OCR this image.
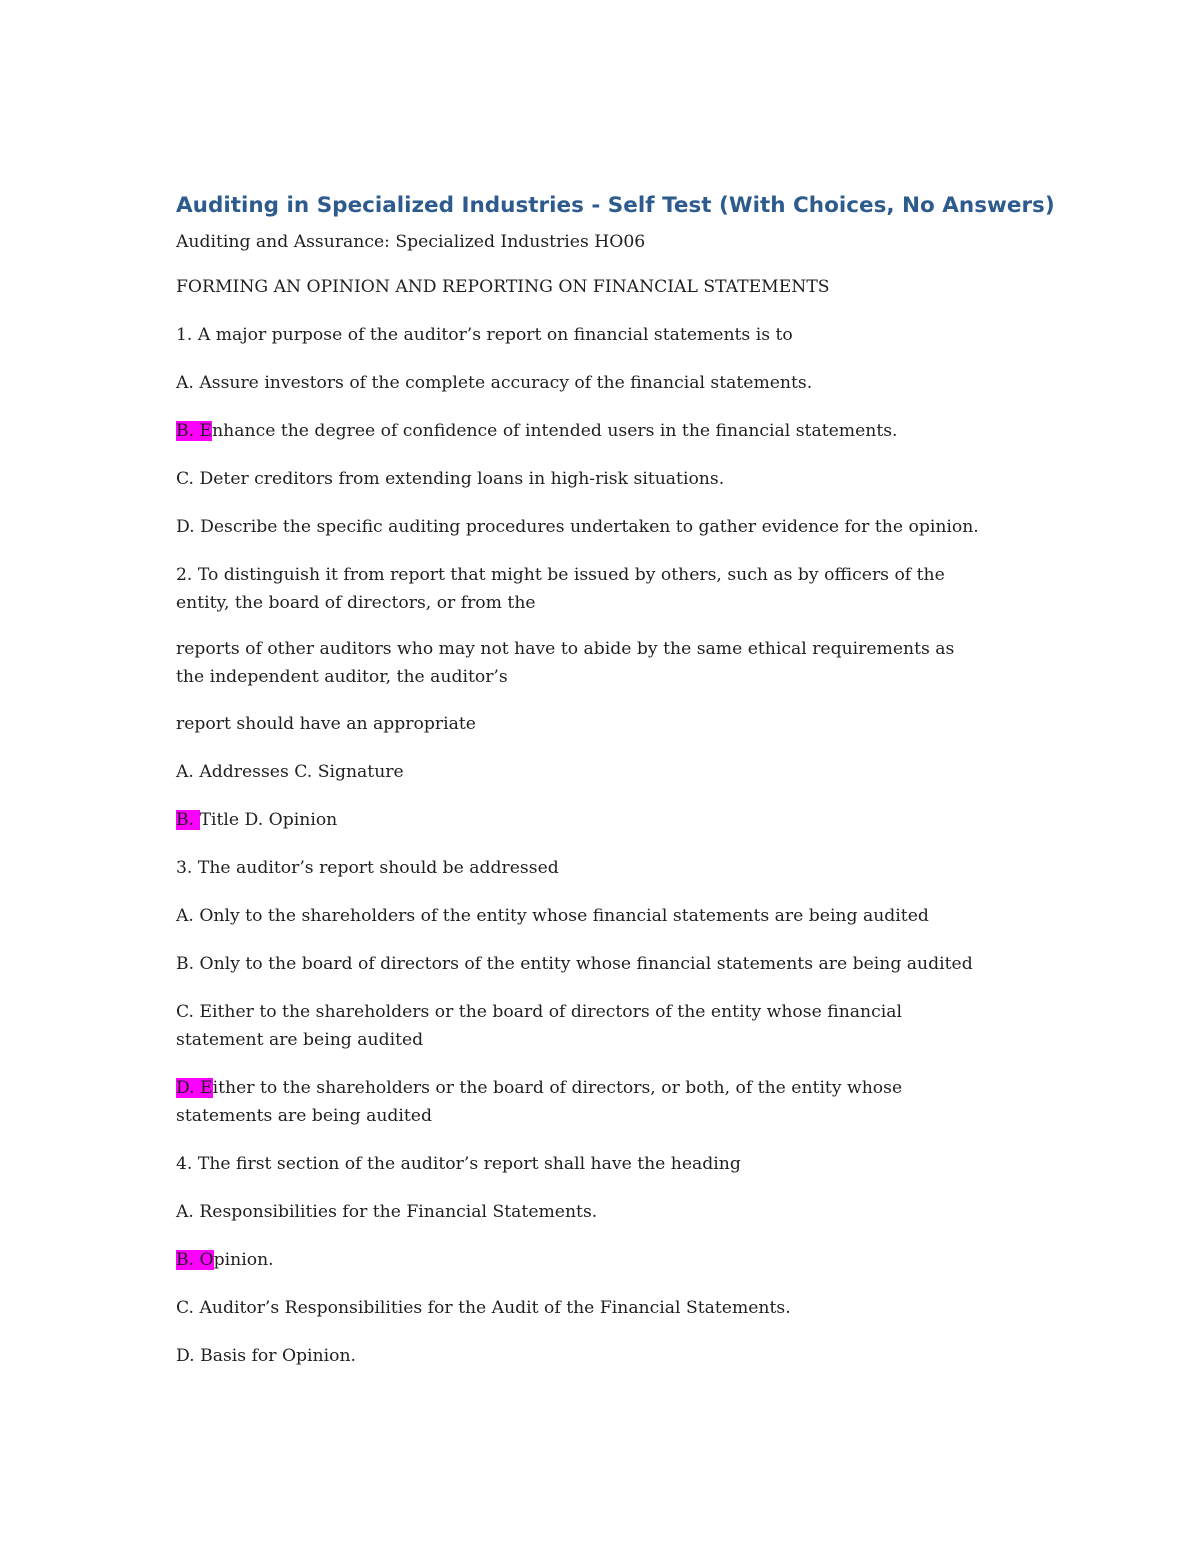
Auditing in Specialized Industries - Self Test (With Choices, No Answers)
Auditing and Assurance: Specialized Industries HO06
FORMING AN OPINION AND REPORTING ON FINANCIAL STATEMENTS
1. A major purpose of the auditor’s report on financial statements is to
A. Assure investors of the complete accuracy of the financial statements.
B. Enhance the degree of confidence of intended users in the financial statements.
C. Deter creditors from extending loans in high-risk situations.
D. Describe the specific auditing procedures undertaken to gather evidence for the opinion.
2. To distinguish it from report that might be issued by others, such as by officers of the
entity, the board of directors, or from the
reports of other auditors who may not have to abide by the same ethical requirements as
the independent auditor, the auditor’s
report should have an appropriate
A. Addresses C. Signature
B. Title D. Opinion
3. The auditor’s report should be addressed
A. Only to the shareholders of the entity whose financial statements are being audited
B. Only to the board of directors of the entity whose financial statements are being audited
C. Either to the shareholders or the board of directors of the entity whose financial
statement are being audited
D. Either to the shareholders or the board of directors, or both, of the entity whose
statements are being audited
4. The first section of the auditor’s report shall have the heading
A. Responsibilities for the Financial Statements.
B. Opinion.
C. Auditor’s Responsibilities for the Audit of the Financial Statements.
D. Basis for Opinion.
